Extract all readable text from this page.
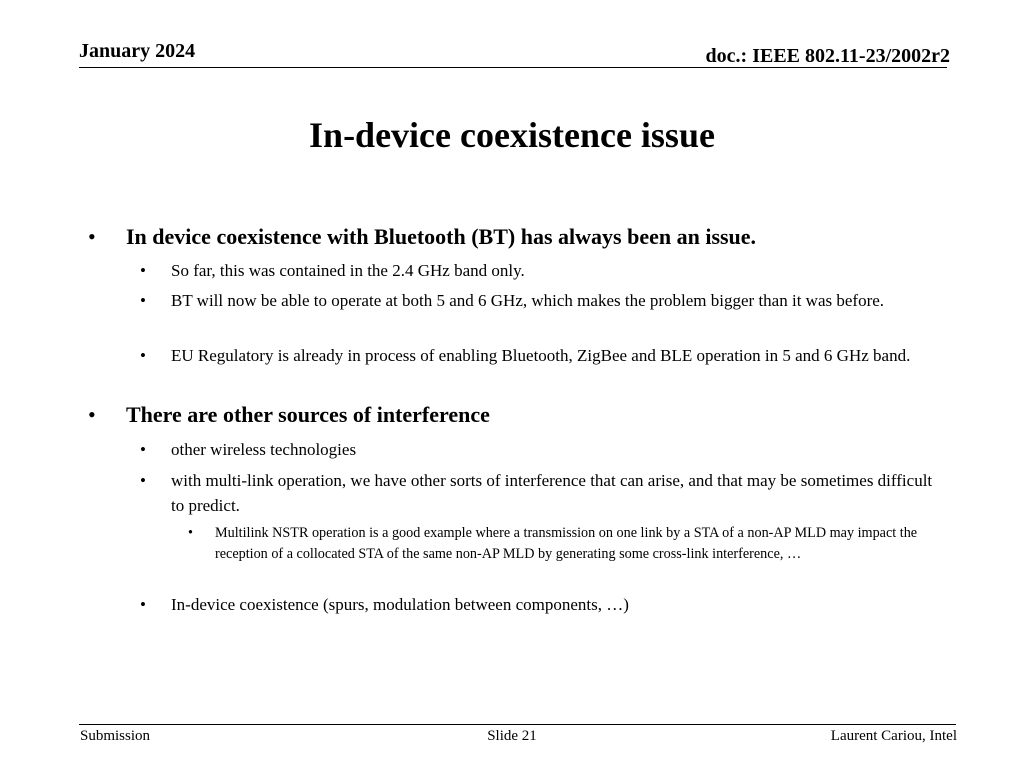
January 2024	doc.: IEEE 802.11-23/2002r2
In-device coexistence issue

• In device coexistence with Bluetooth (BT) has always been an issue.

• So far, this was contained in the 2.4 GHz band only.

• BT will now be able to operate at both 5 and 6 GHz, which makes the problem bigger than it was before.

• EU Regulatory is already in process of enabling Bluetooth, ZigBee and BLE operation in 5 and 6 GHz band.

• There are other sources of interference

• other wireless technologies

• with multi-link operation, we have other sorts of interference that can arise, and that may be sometimes difficult to predict.

• Multilink NSTR operation is a good example where a transmission on one link by a STA of a non-AP MLD may impact the reception of a collocated STA of the same non-AP MLD by generating some cross-link interference, …

• In-device coexistence (spurs, modulation between components, …)

Submission	Slide 21	Laurent Cariou, Intel
